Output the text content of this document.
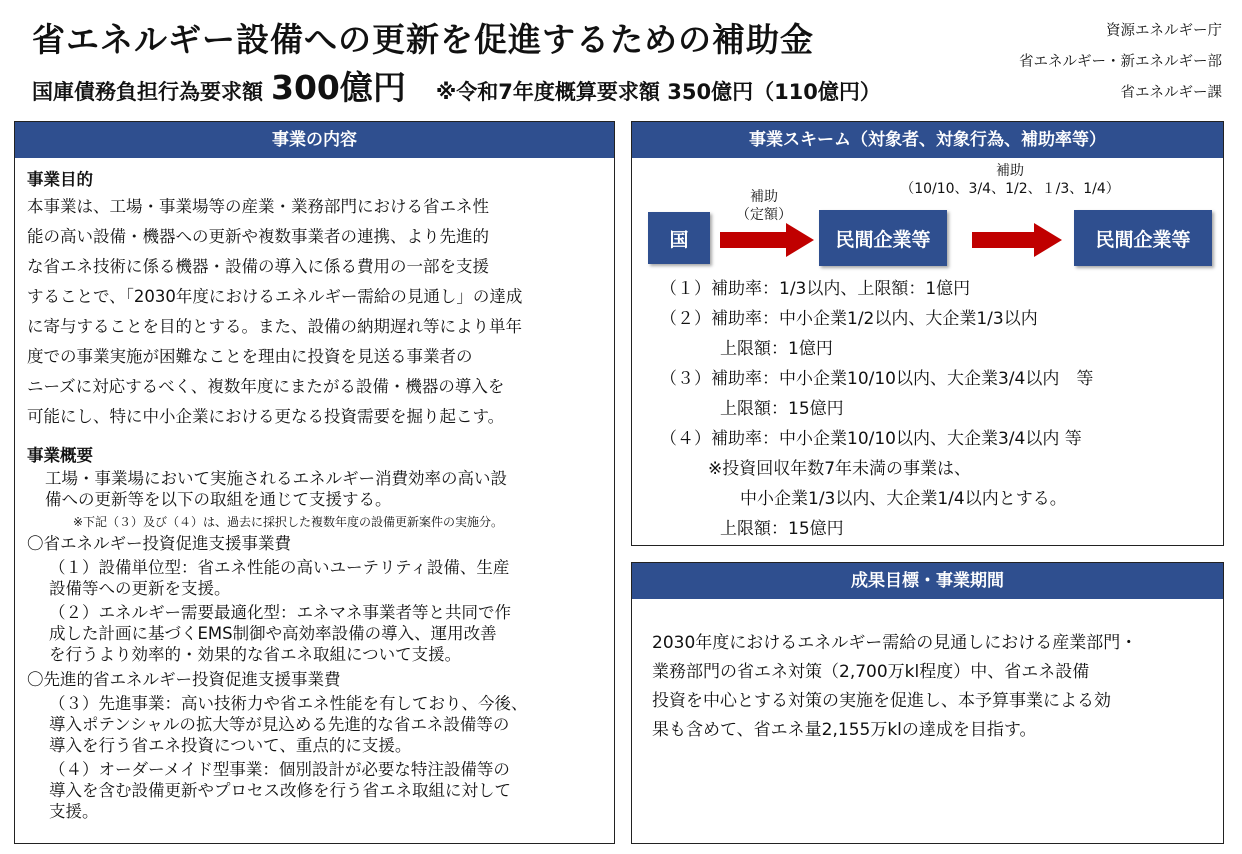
省エネルギー設備への更新を促進するための補助金
国庫債務負担行為要求額 300億円 ※令和7年度概算要求額 350億円（110億円）
資源エネルギー庁
省エネルギー・新エネルギー部
省エネルギー課
事業の内容

事業目的

本事業は、工場・事業場等の産業・業務部門における省エネ性

能の高い設備・機器への更新や複数事業者の連携、より先進的

な省エネ技術に係る機器・設備の導入に係る費用の一部を支援

することで、「2030年度におけるエネルギー需給の見通し」の達成

に寄与することを目的とする。また、設備の納期遅れ等により単年

度での事業実施が困難なことを理由に投資を見送る事業者の

ニーズに対応するべく、複数年度にまたがる設備・機器の導入を

可能にし、特に中小企業における更なる投資需要を掘り起こす。

事業概要

工場・事業場において実施されるエネルギー消費効率の高い設

備への更新等を以下の取組を通じて支援する。

※下記（３）及び（４）は、過去に採択した複数年度の設備更新案件の実施分。

〇省エネルギー投資促進支援事業費

（１）設備単位型：省エネ性能の高いユーテリティ設備、生産
設備等への更新を支援。
（２）エネルギー需要最適化型：エネマネ事業者等と共同で作
成した計画に基づくEMS制御や高効率設備の導入、運用改善
を行うより効率的・効果的な省エネ取組について支援。

〇先進的省エネルギー投資促進支援事業費

（３）先進事業：高い技術力や省エネ性能を有しており、今後、
導入ポテンシャルの拡大等が見込める先進的な省エネ設備等の
導入を行う省エネ投資について、重点的に支援。
（４）オーダーメイド型事業：個別設計が必要な特注設備等の
導入を含む設備更新やプロセス改修を行う省エネ取組に対して
支援。
事業スキーム（対象者、対象行為、補助率等）
補助
（定額）
補助
（10/10、3/4、1/2、１/3、1/4）
国	民間企業等	民間企業等
（１）補助率：1/3以内、上限額：1億円
（２）補助率：中小企業1/2以内、大企業1/3以内
上限額：1億円
（３）補助率：中小企業10/10以内、大企業3/4以内　等
上限額：15億円
（４）補助率：中小企業10/10以内、大企業3/4以内 等
※投資回収年数7年未満の事業は、
中小企業1/3以内、大企業1/4以内とする。
上限額：15億円
成果目標・事業期間
2030年度におけるエネルギー需給の見通しにおける産業部門・
業務部門の省エネ対策（2,700万kl程度）中、省エネ設備
投資を中心とする対策の実施を促進し、本予算事業による効
果も含めて、省エネ量2,155万klの達成を目指す。
